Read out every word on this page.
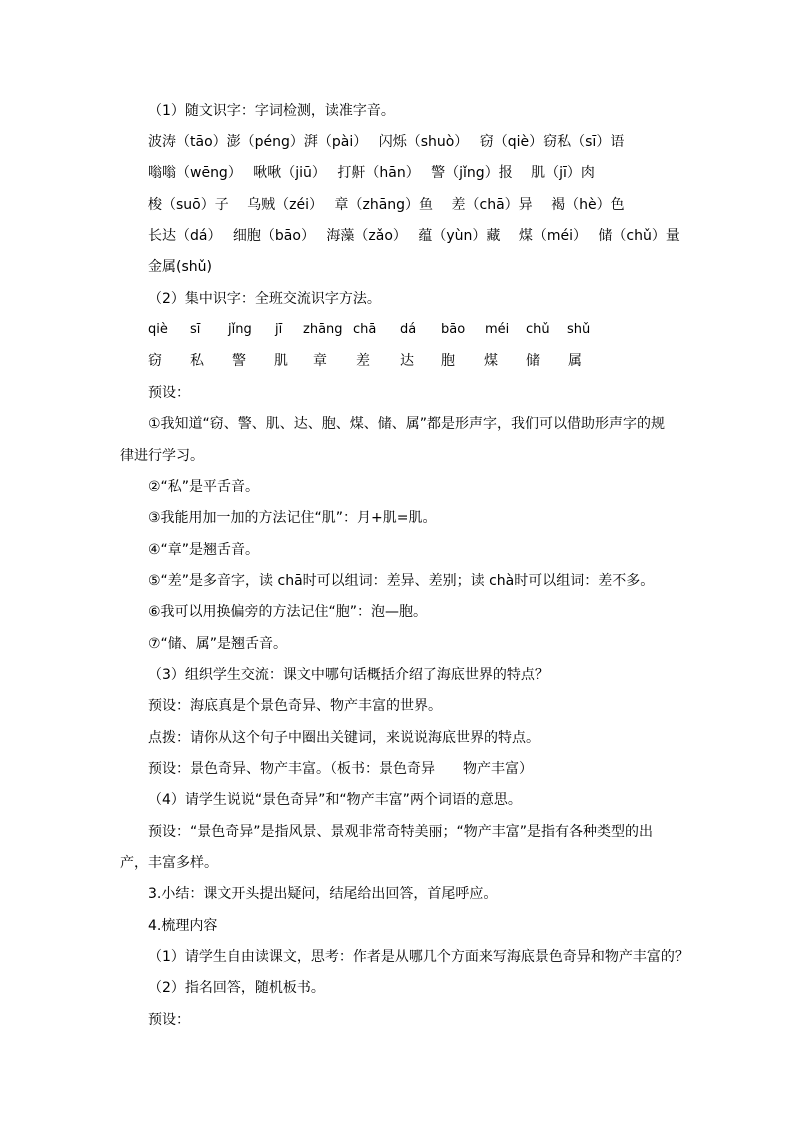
（1）随文识字：字词检测，读准字音。
波涛（tāo）澎（péng）湃（pài）　 闪烁（shuò）　 窃（qiè）窃私（sī）语
嗡嗡（wēng）　 啾啾（jiū）　 打鼾（hān）　 警（jǐng）报　 肌（jī）肉
梭（suō）子　 乌贼（zéi）　 章（zhāng）鱼　 差（chā）异　 褐（hè）色
长达（dá）　 细胞（bāo）　 海藻（zǎo）　 蕴（yùn）藏　 煤（méi）　 储（chǔ）量
金属(shǔ)
（2）集中识字：全班交流识字方法。
qiè sī jǐng jī zhāng chā dá bāo méi chǔ shǔ
窃 私 警 肌 章 差 达 胞 煤 储 属
预设：
①我知道“窃、警、肌、达、胞、煤、储、属”都是形声字，我们可以借助形声字的规
律进行学习。
②“私”是平舌音。
③我能用加一加的方法记住“肌”：月+肌=肌。
④“章”是翘舌音。
⑤“差”是多音字，读 chā时可以组词：差异、差别；读 chà时可以组词：差不多。
⑥我可以用换偏旁的方法记住“胞”：泡—胞。
⑦“储、属”是翘舌音。
（3）组织学生交流：课文中哪句话概括介绍了海底世界的特点？
预设：海底真是个景色奇异、物产丰富的世界。
点拨：请你从这个句子中圈出关键词，来说说海底世界的特点。
预设：景色奇异、物产丰富。（板书：景色奇异　　物产丰富）
（4）请学生说说“景色奇异”和“物产丰富”两个词语的意思。
预设：“景色奇异”是指风景、景观非常奇特美丽；“物产丰富”是指有各种类型的出
产，丰富多样。
3.小结：课文开头提出疑问，结尾给出回答，首尾呼应。
4.梳理内容
（1）请学生自由读课文，思考：作者是从哪几个方面来写海底景色奇异和物产丰富的？
（2）指名回答，随机板书。
预设：
